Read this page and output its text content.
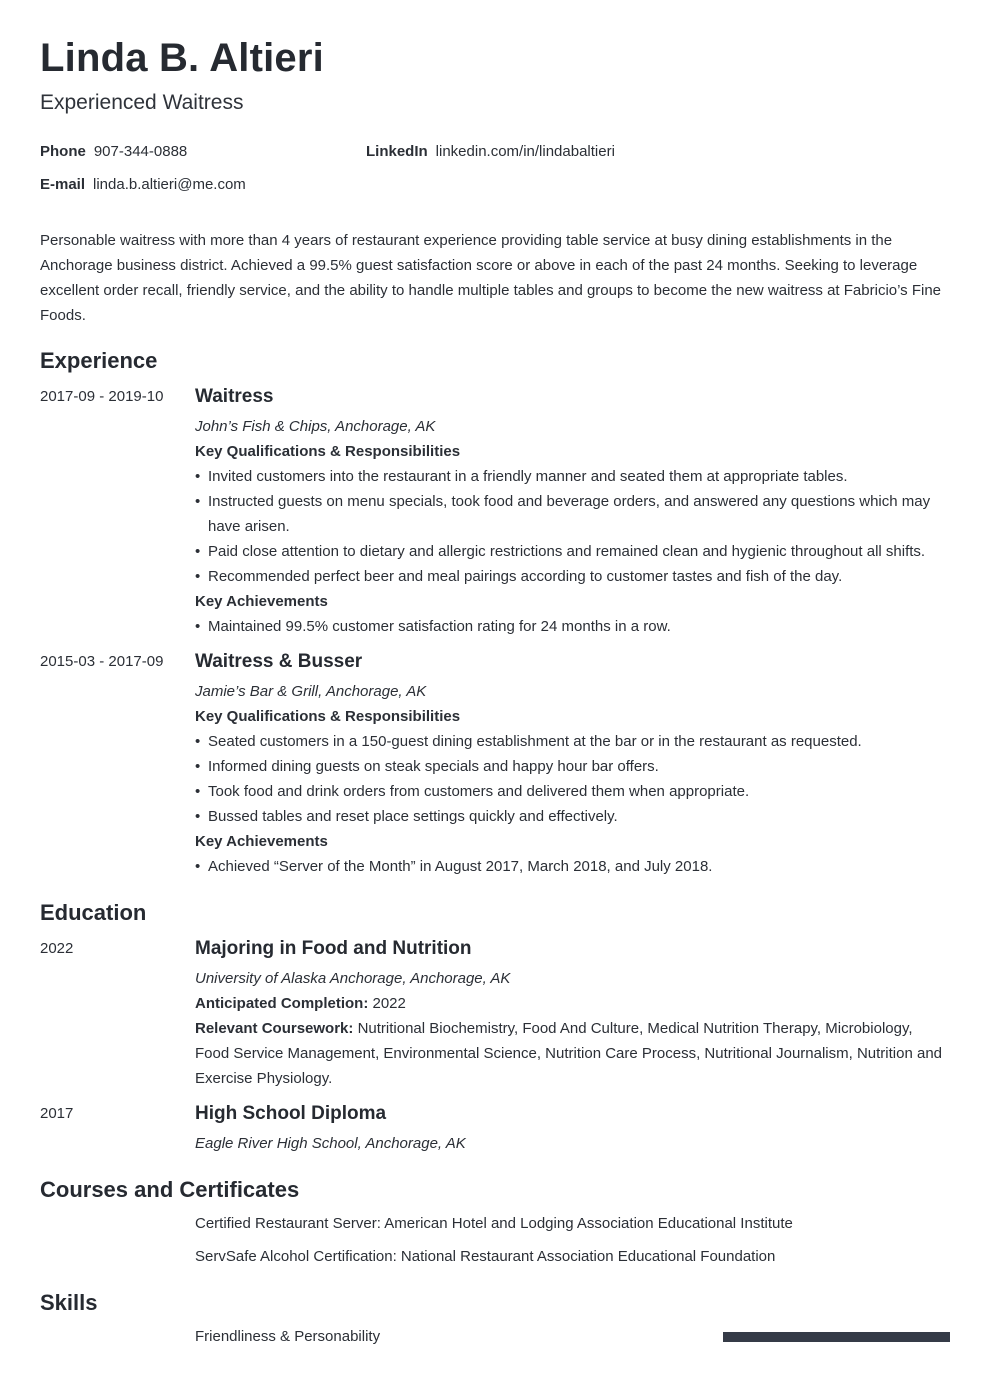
Linda B. Altieri
Experienced Waitress
Phone 907-344-0888	LinkedIn linkedin.com/in/lindabaltieri
E-mail linda.b.altieri@me.com
Personable waitress with more than 4 years of restaurant experience providing table service at busy dining establishments in the Anchorage business district. Achieved a 99.5% guest satisfaction score or above in each of the past 24 months. Seeking to leverage excellent order recall, friendly service, and the ability to handle multiple tables and groups to become the new waitress at Fabricio’s Fine Foods.
Experience
2017-09 - 2019-10 Waitress
John’s Fish & Chips, Anchorage, AK
Key Qualifications & Responsibilities
• Invited customers into the restaurant in a friendly manner and seated them at appropriate tables.
• Instructed guests on menu specials, took food and beverage orders, and answered any questions which may have arisen.
• Paid close attention to dietary and allergic restrictions and remained clean and hygienic throughout all shifts.
• Recommended perfect beer and meal pairings according to customer tastes and fish of the day.
Key Achievements
• Maintained 99.5% customer satisfaction rating for 24 months in a row.
2015-03 - 2017-09 Waitress & Busser
Jamie’s Bar & Grill, Anchorage, AK
Key Qualifications & Responsibilities
• Seated customers in a 150-guest dining establishment at the bar or in the restaurant as requested.
• Informed dining guests on steak specials and happy hour bar offers.
• Took food and drink orders from customers and delivered them when appropriate.
• Bussed tables and reset place settings quickly and effectively.
Key Achievements
• Achieved “Server of the Month” in August 2017, March 2018, and July 2018.
Education
2022	Majoring in Food and Nutrition
University of Alaska Anchorage, Anchorage, AK
Anticipated Completion: 2022
Relevant Coursework: Nutritional Biochemistry, Food And Culture, Medical Nutrition Therapy, Microbiology, Food Service Management, Environmental Science, Nutrition Care Process, Nutritional Journalism, Nutrition and Exercise Physiology.
2017	High School Diploma
Eagle River High School, Anchorage, AK
Courses and Certificates
Certified Restaurant Server: American Hotel and Lodging Association Educational Institute
ServSafe Alcohol Certification: National Restaurant Association Educational Foundation
Skills
Friendliness & Personability
